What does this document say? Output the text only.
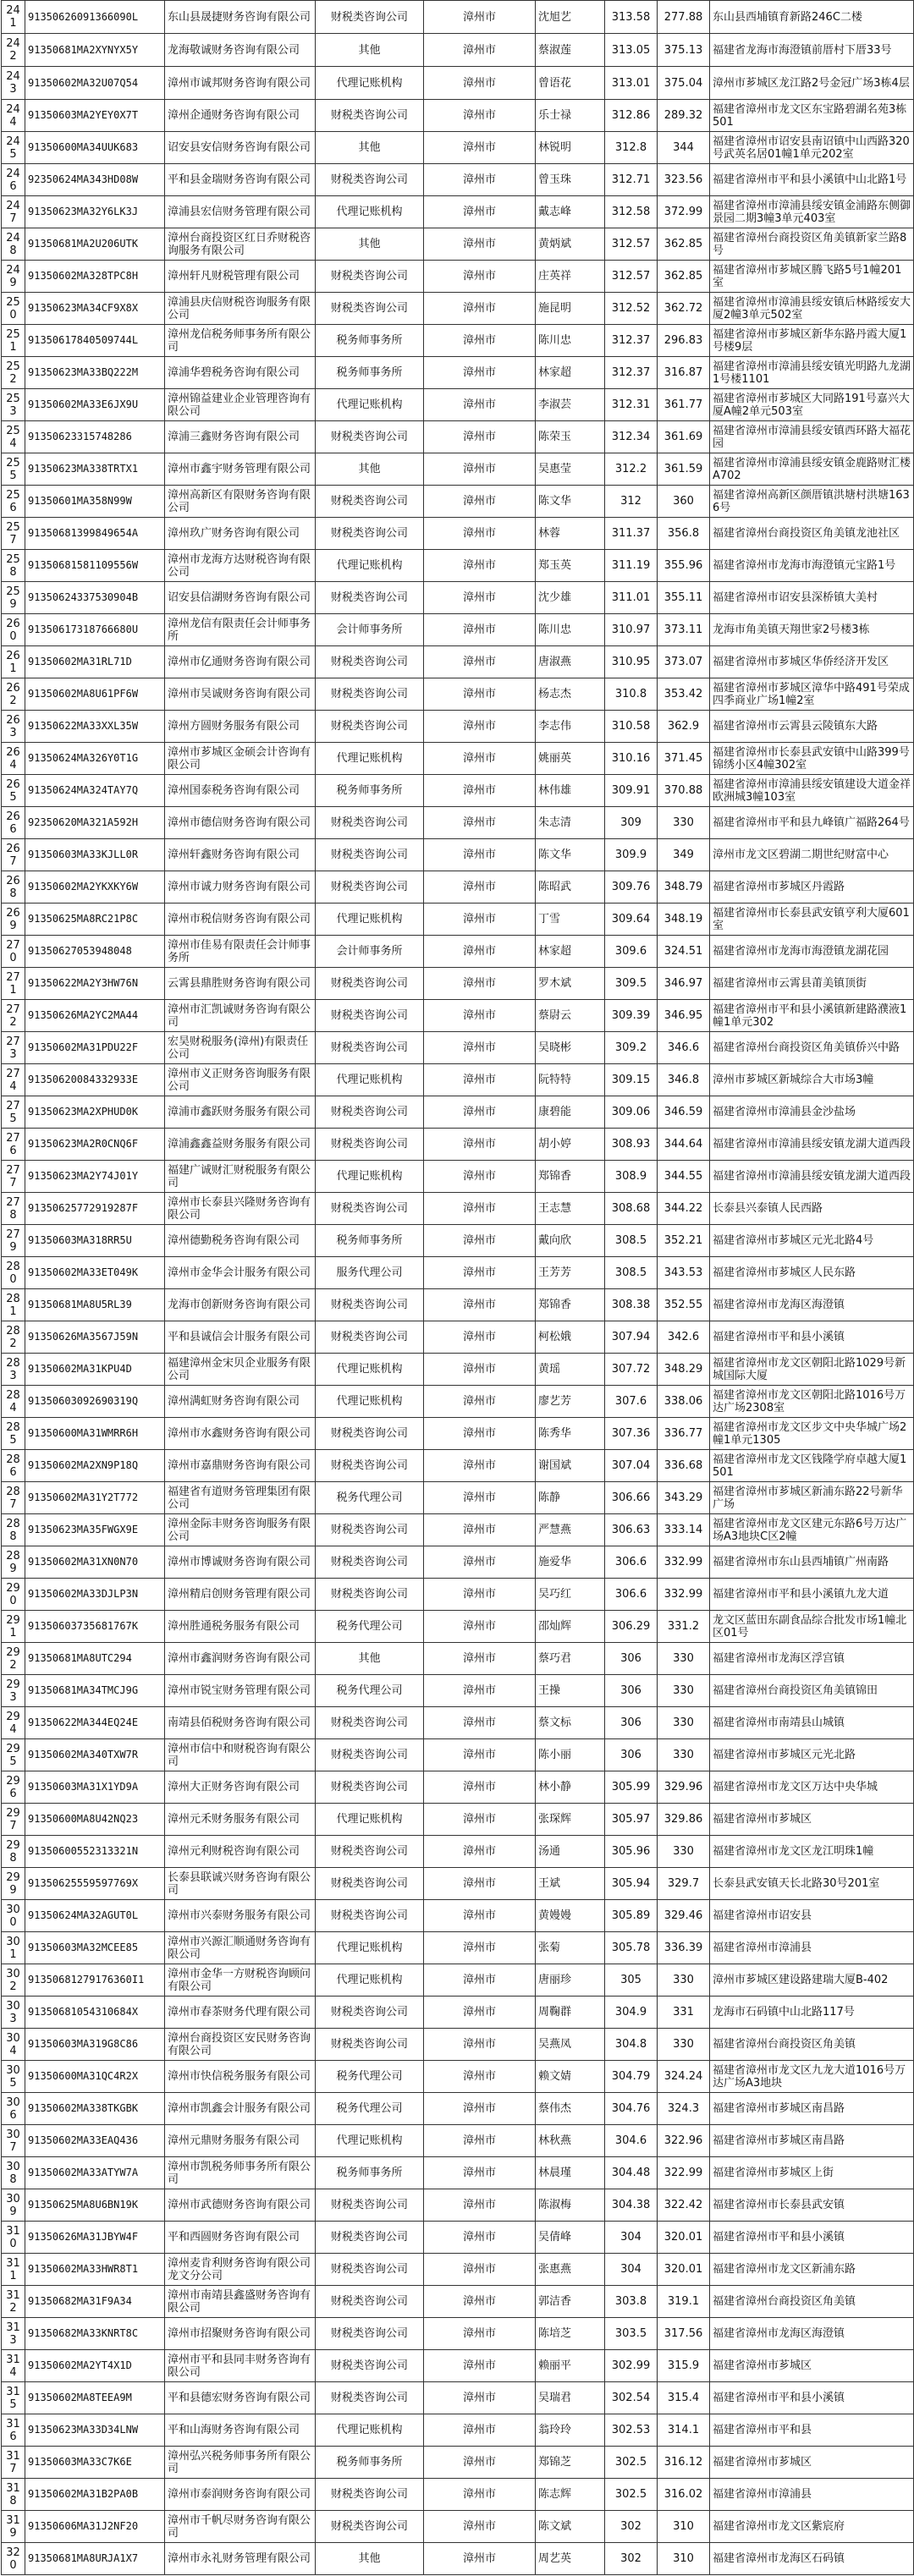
241	91350626091366090L	东山县晟捷财务咨询有限公司	财税类咨询公司	漳州市	沈旭艺	313.58	277.88	东山县西埔镇育新路246C二楼
242	91350681MA2XYNYX5Y	龙海敬诚财务咨询有限公司	其他	漳州市	蔡淑莲	313.05	375.13	福建省龙海市海澄镇前厝村下厝33号
243	91350602MA32U07Q54	漳州市诚邦财务咨询有限公司	代理记账机构	漳州市	曾语花	313.01	375.04	漳州市芗城区龙江路2号金冠广场3栋4层
244	91350603MA2YEY0X7T	漳州企通财务咨询有限公司	财税类咨询公司	漳州市	乐士禄	312.86	289.32	福建省漳州市龙文区东宝路碧湖名苑3栋501
245	91350600MA34UUK683	诏安县安信财务咨询有限公司	其他	漳州市	林锐明	312.8	344	福建省漳州市诏安县南诏镇中山西路320号武英名居01幢1单元202室
246	92350624MA343HD08W	平和县金瑞财务咨询有限公司	财税类咨询公司	漳州市	曾玉珠	312.71	323.56	福建省漳州市平和县小溪镇中山北路1号
247	91350623MA32Y6LK3J	漳浦县宏信财务管理有限公司	代理记账机构	漳州市	戴志峰	312.58	372.99	福建省漳州市漳浦县绥安镇金浦路东侧御景园二期3幢3单元403室
248	91350681MA2U206UTK	漳州台商投资区红日乔财税咨询服务有限公司	其他	漳州市	黄炳斌	312.57	362.85	福建省漳州台商投资区角美镇新家兰路8号
249	91350602MA328TPC8H	漳州轩凡财税管理有限公司	财税类咨询公司	漳州市	庄英祥	312.57	362.85	福建省漳州市芗城区腾飞路5号1幢201室
250	91350623MA34CF9X8X	漳浦县庆信财税咨询服务有限公司	财税类咨询公司	漳州市	施昆明	312.52	362.72	福建省漳州市漳浦县绥安镇后林路绥安大厦2幢3单元502室
251	91350617840509744L	漳州龙信税务师事务所有限公司	税务师事务所	漳州市	陈川忠	312.37	296.83	福建省漳州市芗城区新华东路丹霞大厦1号楼9层
252	91350623MA33BQ222M	漳浦华碧税务咨询有限公司	税务师事务所	漳州市	林家超	312.37	316.87	福建省漳州市漳浦县绥安镇光明路九龙湖1号楼1101
253	91350602MA33E6JX9U	漳州锦益建业企业管理咨询有限公司	代理记账机构	漳州市	李淑芸	312.31	361.77	福建省漳州市芗城区大同路191号嘉兴大厦A幢2单元503室
254	91350623315748286	漳浦三鑫财务咨询有限公司	财税类咨询公司	漳州市	陈荣玉	312.34	361.69	福建省漳州市漳浦县绥安镇西环路大福花园
255	91350623MA338TRTX1	漳州市鑫宇财务管理有限公司	其他	漳州市	吴惠莹	312.2	361.59	福建省漳州市漳浦县绥安镇金鹿路财汇楼A702
256	91350601MA358N99W	漳州高新区有限财务咨询有限公司	财税类咨询公司	漳州市	陈文华	312	360	福建省漳州高新区颜厝镇洪塘村洪塘1636号
257	91350681399849654A	漳州玖广财务咨询有限公司	财税类咨询公司	漳州市	林蓉	311.37	356.8	福建省漳州台商投资区角美镇龙池社区
258	91350681581109556W	漳州市龙海方达财税咨询有限公司	代理记账机构	漳州市	郑玉英	311.19	355.96	福建省漳州市龙海市海澄镇元宝路1号
259	91350624337530904B	诏安县信湖财务咨询有限公司	财税类咨询公司	漳州市	沈少雄	311.01	355.11	福建省漳州市诏安县深桥镇大美村
260	91350617318766680U	漳州龙信有限责任会计师事务所	会计师事务所	漳州市	陈川忠	310.97	373.11	龙海市角美镇天翔世家2号楼3栋
261	91350602MA31RL71D	漳州市亿通财务咨询有限公司	财税类咨询公司	漳州市	唐淑燕	310.95	373.07	福建省漳州市芗城区华侨经济开发区
262	91350602MA8U61PF6W	漳州市吴诚财务咨询有限公司	财税类咨询公司	漳州市	杨志杰	310.8	353.42	福建省漳州市芗城区漳华中路491号荣成四季商业广场1幢2室
263	91350622MA33XXL35W	漳州方圆财务服务有限公司	财税类咨询公司	漳州市	李志伟	310.58	362.9	福建省漳州市云霄县云陵镇东大路
264	91350624MA326Y0T1G	漳州市芗城区金硕会计咨询有限公司	代理记账机构	漳州市	姚丽英	310.16	371.45	福建省漳州市长泰县武安镇中山路399号锦绣小区4幢302室
265	91350624MA324TAY7Q	漳州国泰税务咨询有限公司	税务师事务所	漳州市	林伟雄	309.91	370.88	福建省漳州市漳浦县绥安镇建设大道金祥欧洲城3幢103室
266	92350620MA321A592H	漳州市德信财务咨询有限公司	财税类咨询公司	漳州市	朱志清	309	330	福建省漳州市平和县九峰镇广福路264号
267	91350603MA33KJLL0R	漳州轩鑫财务咨询有限公司	财税类咨询公司	漳州市	陈文华	309.9	349	漳州市龙文区碧湖二期世纪财富中心
268	91350602MA2YKXKY6W	漳州市诚力财务咨询有限公司	财税类咨询公司	漳州市	陈昭武	309.76	348.79	福建省漳州市芗城区丹霞路
269	91350625MA8RC21P8C	漳州市税信财务咨询有限公司	代理记账机构	漳州市	丁雪	309.64	348.19	福建省漳州市长泰县武安镇亨利大厦601室
270	91350627053948048	漳州市佳易有限责任会计师事务所	会计师事务所	漳州市	林家超	309.6	324.51	福建省漳州市龙海市海澄镇龙湖花园
271	91350622MA2Y3HW76N	云霄县鼎胜财务咨询有限公司	财税类咨询公司	漳州市	罗木斌	309.5	346.97	福建省漳州市云霄县莆美镇顶街
272	91350626MA2YC2MA44	漳州市汇凯诚财务咨询有限公司	财税类咨询公司	漳州市	蔡尉云	309.39	346.95	福建省漳州市平和县小溪镇新建路濮液1幢1单元302
273	91350602MA31PDU22F	宏昊财税服务(漳州)有限责任公司	财税类咨询公司	漳州市	吴晓彬	309.2	346.6	福建省漳州台商投资区角美镇侨兴中路
274	91350620084332933E	漳州市义正财务咨询服务有限公司	代理记账机构	漳州市	阮特特	309.15	346.8	漳州市芗城区新城综合大市场3幢
275	91350623MA2XPHUD0K	漳浦市鑫跃财务服务有限公司	财税类咨询公司	漳州市	康碧能	309.06	346.59	福建省漳州市漳浦县金沙盐场
276	91350623MA2R0CNQ6F	漳浦鑫鑫益财务服务有限公司	财税类咨询公司	漳州市	胡小婷	308.93	344.64	福建省漳州市漳浦县绥安镇龙湖大道西段
277	91350623MA2Y74J01Y	福建广诚财汇财税服务有限公司	代理记账机构	漳州市	郑锦香	308.9	344.55	福建省漳州市漳浦县绥安镇龙湖大道西段
278	91350625772919287F	漳州市长泰县兴隆财务咨询有限公司	财税类咨询公司	漳州市	王志慧	308.68	344.22	长泰县兴泰镇人民西路
279	91350603MA318RR5U	漳州德勤税务咨询有限公司	税务师事务所	漳州市	戴向欣	308.5	352.21	福建省漳州市芗城区元光北路4号
280	91350602MA33ET049K	漳州市金华会计服务有限公司	服务代理公司	漳州市	王芳芳	308.5	343.53	福建省漳州市芗城区人民东路
281	91350681MA8U5RL39	龙海市创新财务咨询有限公司	财税类咨询公司	漳州市	郑锦香	308.38	352.55	福建省漳州市龙海区海澄镇
282	91350626MA3567J59N	平和县诚信会计服务有限公司	财税类咨询公司	漳州市	柯松娥	307.94	342.6	福建省漳州市平和县小溪镇
283	91350602MA31KPU4D	福建漳州金宋贝企业服务有限公司	代理记账机构	漳州市	黄瑶	307.72	348.29	福建省漳州市龙文区朝阳北路1029号新城国际大厦
284	91350603092690319Q	漳州满虹财务咨询有限公司	代理记账机构	漳州市	廖艺芳	307.6	338.06	福建省漳州市龙文区朝阳北路1016号万达广场2308室
285	91350600MA31WMRR6H	漳州市水鑫财务咨询有限公司	财税类咨询公司	漳州市	陈秀华	307.36	336.77	福建省漳州市龙文区步文中央华城广场2幢1单元1305
286	91350602MA2XN9P18Q	漳州市嘉鼎财务咨询有限公司	财税类咨询公司	漳州市	谢国斌	307.04	336.68	福建省漳州市龙文区钱隆学府卓越大厦1501
287	91350602MA31Y2T772	福建省有道财务管理集团有限公司	税务代理公司	漳州市	陈静	306.66	343.29	福建省漳州市芗城区新浦东路22号新华广场
288	91350623MA35FWGX9E	漳州金际丰财务咨询服务有限公司	财税类咨询公司	漳州市	严慧燕	306.63	333.14	福建省漳州市龙文区建元东路6号万达广场A3地块C区2幢
289	91350602MA31XN0N70	漳州市博诚财务咨询有限公司	财税类咨询公司	漳州市	施爱华	306.6	332.99	福建省漳州市东山县西埔镇广州南路
290	91350602MA33DJLP3N	漳州精启创财务管理有限公司	财税类咨询公司	漳州市	吴巧红	306.6	332.99	福建省漳州市平和县小溪镇九龙大道
291	91350603735681767K	漳州胜通税务服务有限公司	税务代理公司	漳州市	邵灿辉	306.29	331.2	龙文区蓝田东副食品综合批发市场1幢北区01号
292	91350681MA8UTC294	漳州市鑫润财务咨询有限公司	其他	漳州市	蔡巧君	306	330	福建省漳州市龙海区浮宫镇
293	91350681MA34TMCJ9G	漳州市锐宝财务管理有限公司	税务代理公司	漳州市	王操	306	330	福建省漳州台商投资区角美镇锦田
294	91350622MA344EQ24E	南靖县佰税财务咨询有限公司	财税类咨询公司	漳州市	蔡文标	306	330	福建省漳州市南靖县山城镇
295	91350602MA340TXW7R	漳州市信中和财税咨询有限公司	财税类咨询公司	漳州市	陈小丽	306	330	福建省漳州市芗城区元光北路
296	91350603MA31X1YD9A	漳州大正财务咨询有限公司	财税类咨询公司	漳州市	林小静	305.99	329.96	福建省漳州市龙文区万达中央华城
297	91350600MA8U42NQ23	漳州元禾财务服务有限公司	代理记账机构	漳州市	张琛辉	305.97	329.86	福建省漳州市芗城区
298	91350600552313321N	漳州元利财税咨询有限公司	财税类咨询公司	漳州市	汤通	305.96	330	福建省漳州市龙文区龙江明珠1幢
299	91350625559597769X	长泰县联诚兴财务咨询有限公司	财税类咨询公司	漳州市	王斌	305.94	329.7	长泰县武安镇天长北路30号201室
300	91350624MA32AGUT0L	漳州市兴泰财务服务有限公司	财税类咨询公司	漳州市	黄嫚嫚	305.89	329.46	福建省漳州市诏安县
301	91350603MA32MCEE85	漳州市兴源汇顺通财务咨询有限公司	代理记账机构	漳州市	张菊	305.78	336.39	福建省漳州市漳浦县
302	91350681279176360I1	漳州市金华一方财税咨询顾问有限公司	代理记账机构	漳州市	唐丽珍	305	330	漳州市芗城区建设路建瑞大厦B-402
303	91350681054310684X	漳州市春茶财务代理有限公司	财税类咨询公司	漳州市	周鞠群	304.9	331	龙海市石码镇中山北路117号
304	91350603MA319G8C86	漳州台商投资区安民财务咨询有限公司	财税类咨询公司	漳州市	吴燕凤	304.8	330	福建省漳州台商投资区角美镇
305	91350600MA31QC4R2X	漳州市快信税务服务有限公司	税务代理公司	漳州市	赖文婧	304.79	324.24	福建省漳州市龙文区九龙大道1016号万达广场A3地块
306	91350602MA338TKGBK	漳州市凯鑫会计服务有限公司	税务代理公司	漳州市	蔡伟杰	304.76	324.3	福建省漳州市芗城区南昌路
307	91350602MA33EAQ436	漳州元鼎财务服务有限公司	代理记账机构	漳州市	林秋燕	304.6	322.96	福建省漳州市芗城区南昌路
308	91350602MA33ATYW7A	漳州市凯税务师事务所有限公司	税务师事务所	漳州市	林晨瑾	304.48	322.99	福建省漳州市芗城区上街
309	91350625MA8U6BN19K	漳州市武德财务咨询有限公司	财税类咨询公司	漳州市	陈淑梅	304.38	322.42	福建省漳州市长泰县武安镇
310	91350626MA31JBYW4F	平和西圆财务咨询有限公司	财税类咨询公司	漳州市	吴倩峰	304	320.01	福建省漳州市平和县小溪镇
311	91350602MA33HWR8T1	漳州麦肯利财务咨询有限公司龙文分公司	财税类咨询公司	漳州市	张惠燕	304	320.01	福建省漳州市龙文区新浦东路
312	91350682MA31F9A34	漳州市南靖县鑫盛财务咨询有限公司	财税类咨询公司	漳州市	郭洁香	303.8	319.1	福建省漳州台商投资区角美镇
313	91350682MA33KNRT8C	漳州市招聚财务咨询有限公司	财税类咨询公司	漳州市	陈培芝	303.5	317.56	福建省漳州市龙海区海澄镇
314	91350602MA2YT4X1D	漳州市平和县同丰财务咨询有限公司	财税类咨询公司	漳州市	赖丽平	302.99	315.9	福建省漳州市芗城区
315	91350602MA8TEEA9M	平和县德宏财务咨询有限公司	财税类咨询公司	漳州市	吴瑞君	302.54	315.4	福建省漳州市平和县小溪镇
316	91350623MA33D34LNW	平和山海财务咨询有限公司	代理记账机构	漳州市	翁玲玲	302.53	314.1	福建省漳州市平和县
317	91350603MA33C7K6E	漳州弘兴税务师事务所有限公司	税务师事务所	漳州市	郑锦芝	302.5	316.12	福建省漳州市芗城区
318	91350602MA31B2PA0B	漳州市泰润财务咨询有限公司	财税类咨询公司	漳州市	陈志辉	302.5	316.02	福建省漳州市漳浦县
319	91350606MA31J2NF20	漳州市千帆尽财务咨询有限公司	财税类咨询公司	漳州市	陈文斌	302	310	福建省漳州市龙文区紫宸府
320	91350681MA8URJA1X7	漳州市永礼财务管理有限公司	其他	漳州市	周艺英	302	310	福建省漳州市龙海区石码镇
